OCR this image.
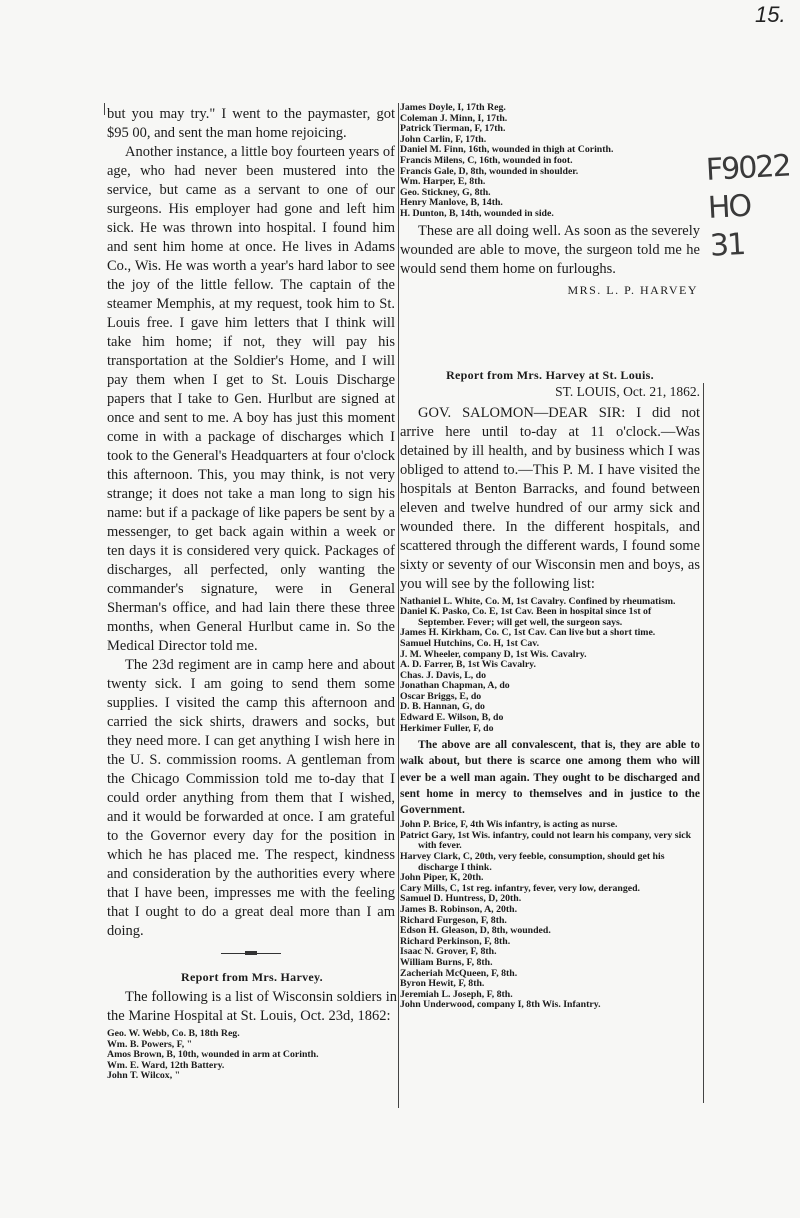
15.
F9022
HO
31

but you may try." I went to the paymaster, got $95 00, and sent the man home rejoicing.

Another instance, a little boy fourteen years of age, who had never been mustered into the service, but came as a servant to one of our surgeons. His employer had gone and left him sick. He was thrown into hospital. I found him and sent him home at once. He lives in Adams Co., Wis. He was worth a year's hard labor to see the joy of the little fellow. The captain of the steamer Memphis, at my request, took him to St. Louis free. I gave him letters that I think will take him home; if not, they will pay his transportation at the Soldier's Home, and I will pay them when I get to St. Louis Discharge papers that I take to Gen. Hurlbut are signed at once and sent to me. A boy has just this moment come in with a package of discharges which I took to the General's Headquarters at four o'clock this afternoon. This, you may think, is not very strange; it does not take a man long to sign his name: but if a package of like papers be sent by a messenger, to get back again within a week or ten days it is considered very quick. Packages of discharges, all perfected, only wanting the commander's signature, were in General Sherman's office, and had lain there these three months, when General Hurlbut came in. So the Medical Director told me.

The 23d regiment are in camp here and about twenty sick. I am going to send them some supplies. I visited the camp this afternoon and carried the sick shirts, drawers and socks, but they need more. I can get anything I wish here in the U. S. commission rooms. A gentleman from the Chicago Commission told me to-day that I could order anything from them that I wished, and it would be forwarded at once. I am grateful to the Governor every day for the position in which he has placed me. The respect, kindness and consideration by the authorities every where that I have been, impresses me with the feeling that I ought to do a great deal more than I am doing.

Report from Mrs. Harvey.

The following is a list of Wisconsin soldiers in the Marine Hospital at St. Louis, Oct. 23d, 1862:

Geo. W. Webb, Co. B, 18th Reg.
Wm. B. Powers, F, "
Amos Brown, B, 10th, wounded in arm at Corinth.
Wm. E. Ward, 12th Battery.
John T. Wilcox, "
James Doyle, I, 17th Reg.
Coleman J. Minn, I, 17th.
Patrick Tierman, F, 17th.
John Carlin, F, 17th.
Daniel M. Finn, 16th, wounded in thigh at Corinth.
Francis Milens, C, 16th, wounded in foot.
Francis Gale, D, 8th, wounded in shoulder.
Wm. Harper, E, 8th.
Geo. Stickney, G, 8th.
Henry Manlove, B, 14th.
H. Dunton, B, 14th, wounded in side.

These are all doing well. As soon as the severely wounded are able to move, the surgeon told me he would send them home on furloughs.

MRS. L. P. HARVEY
Report from Mrs. Harvey at St. Louis.
ST. LOUIS, Oct. 21, 1862.

GOV. SALOMON—DEAR SIR: I did not arrive here until to-day at 11 o'clock.—Was detained by ill health, and by business which I was obliged to attend to.—This P. M. I have visited the hospitals at Benton Barracks, and found between eleven and twelve hundred of our army sick and wounded there. In the different hospitals, and scattered through the different wards, I found some sixty or seventy of our Wisconsin men and boys, as you will see by the following list:

Nathaniel L. White, Co. M, 1st Cavalry. Confined by rheumatism.
Daniel K. Pasko, Co. E, 1st Cav. Been in hospital since 1st of September. Fever; will get well, the surgeon says.
James H. Kirkham, Co. C, 1st Cav. Can live but a short time.
Samuel Hutchins, Co. H, 1st Cav.
J. M. Wheeler, company D, 1st Wis. Cavalry.
A. D. Farrer, B, 1st Wis Cavalry.
Chas. J. Davis, L, do
Jonathan Chapman, A, do
Oscar Briggs, E, do
D. B. Hannan, G, do
Edward E. Wilson, B, do
Herkimer Fuller, F, do

The above are all convalescent, that is, they are able to walk about, but there is scarce one among them who will ever be a well man again. They ought to be discharged and sent home in mercy to themselves and in justice to the Government.

John P. Brice, F, 4th Wis infantry, is acting as nurse.
Patrict Gary, 1st Wis. infantry, could not learn his company, very sick with fever.
Harvey Clark, C, 20th, very feeble, consumption, should get his discharge I think.
John Piper, K, 20th.
Cary Mills, C, 1st reg. infantry, fever, very low, deranged.
Samuel D. Huntress, D, 20th.
James B. Robinson, A, 20th.
Richard Furgeson, F, 8th.
Edson H. Gleason, D, 8th, wounded.
Richard Perkinson, F, 8th.
Isaac N. Grover, F, 8th.
William Burns, F, 8th.
Zacheriah McQueen, F, 8th.
Byron Hewit, F, 8th.
Jeremiah L. Joseph, F, 8th.
John Underwood, company I, 8th Wis. Infantry.
